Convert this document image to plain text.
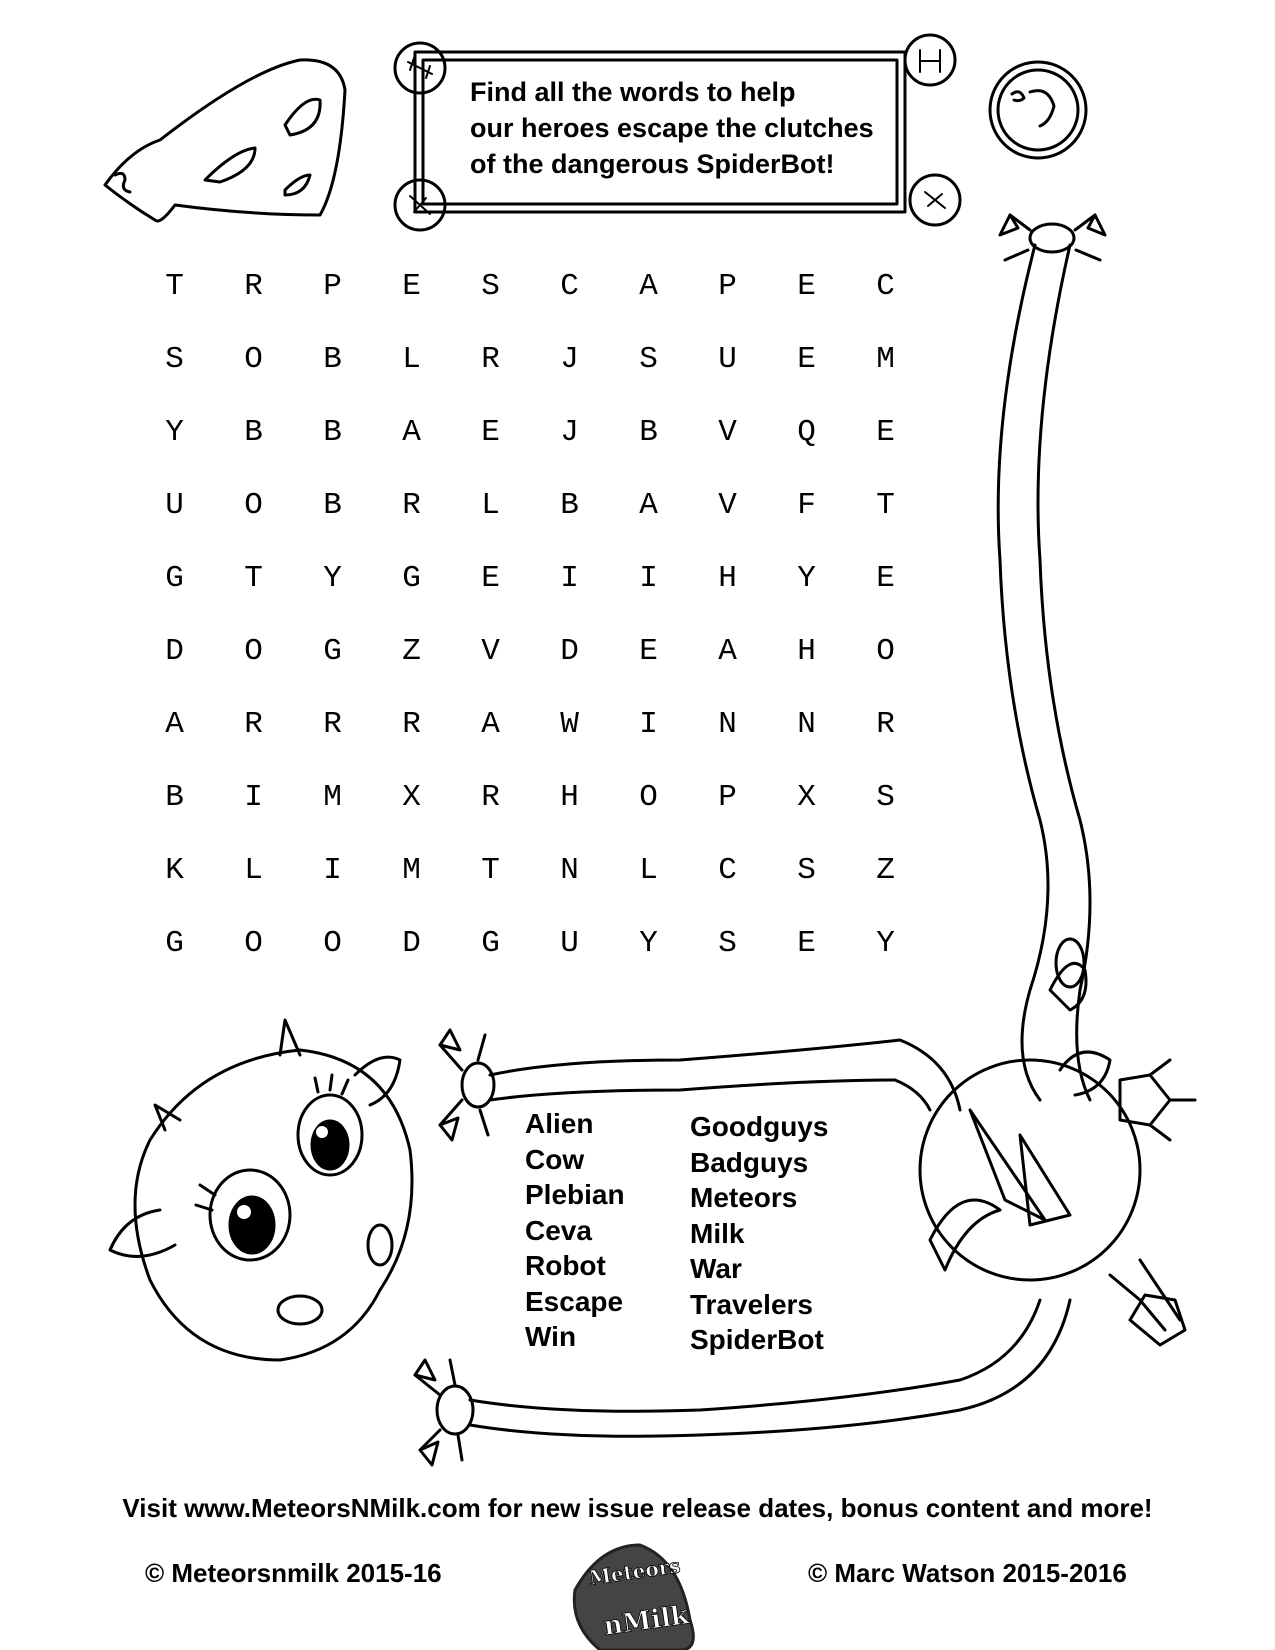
Find all the words to help
our heroes escape the clutches
of the dangerous SpiderBot!
T	R	P	E	S	C	A	P	E	C
S	O	B	L	R	J	S	U	E	M
Y	B	B	A	E	J	B	V	Q	E
U	O	B	R	L	B	A	V	F	T
G	T	Y	G	E	I	I	H	Y	E
D	O	G	Z	V	D	E	A	H	O
A	R	R	R	A	W	I	N	N	R
B	I	M	X	R	H	O	P	X	S
K	L	I	M	T	N	L	C	S	Z
G	O	O	D	G	U	Y	S	E	Y
Alien
Cow
Plebian
Ceva
Robot
Escape
Win
Goodguys
Badguys
Meteors
Milk
War
Travelers
SpiderBot
Visit www.MeteorsNMilk.com for new issue release dates, bonus content and more!
© Meteorsnmilk 2015-16	© Marc Watson 2015-2016
Meteors
nMilk
